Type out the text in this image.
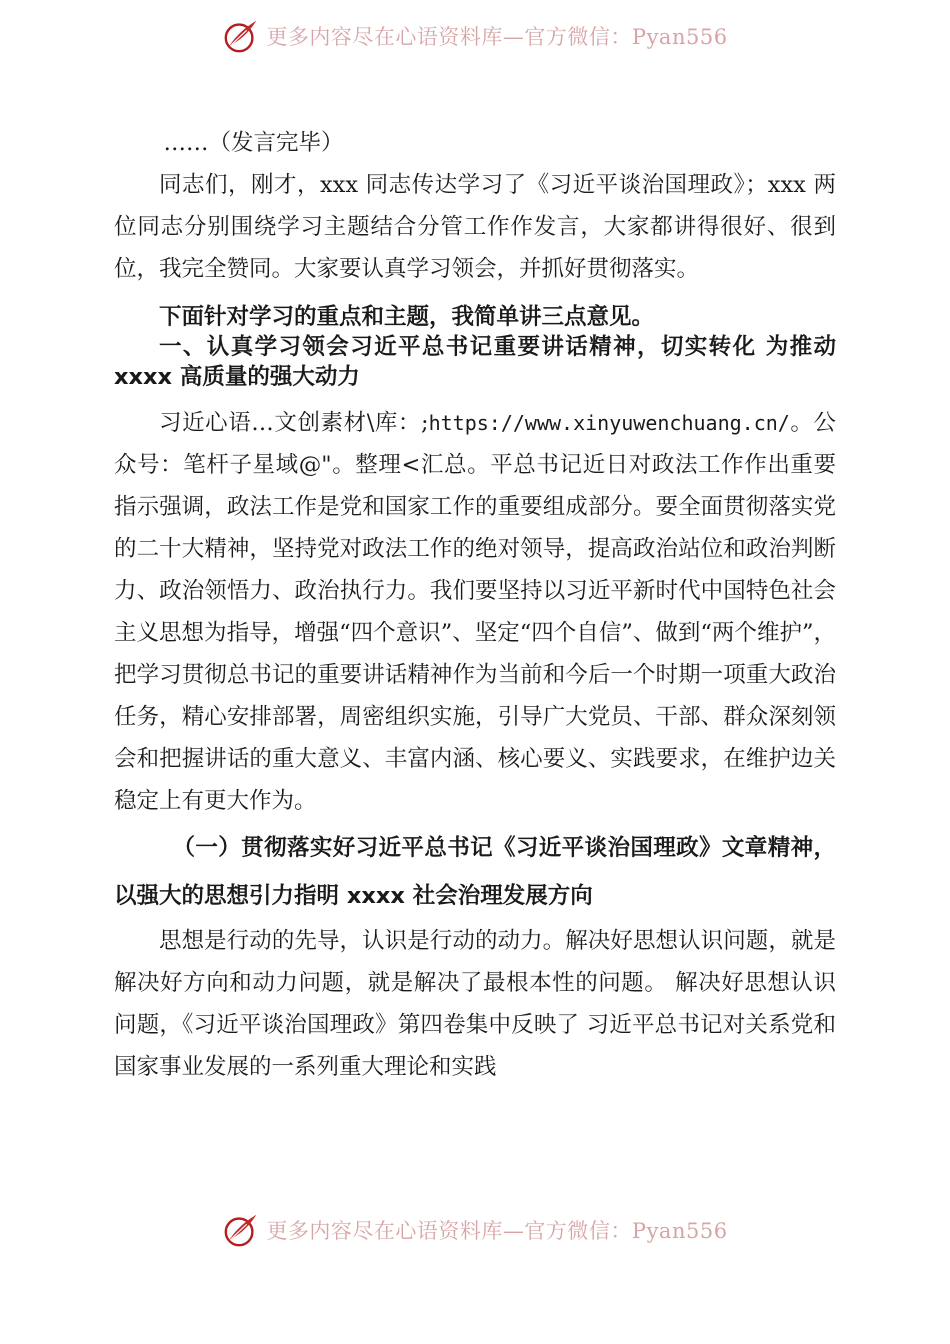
更多内容尽在心语资料库—官方微信：Pyan556

……（发言完毕）

同志们，刚才，xxx 同志传达学习了《习近平谈治国理政》；xxx 两位同志分别围绕学习主题结合分管工作作发言，大家都讲得很好、很到位，我完全赞同。大家要认真学习领会，并抓好贯彻落实。

下面针对学习的重点和主题，我简单讲三点意见。

一、认真学习领会习近平总书记重要讲话精神，切实转化 为推动 xxxx 高质量的强大动力

习近心语…文创素材\库：;https://www.xinyuwenchuang.cn/。公众号：笔杆子星域@"。整理<汇总。平总书记近日对政法工作作出重要指示强调，政法工作是党和国家工作的重要组成部分。要全面贯彻落实党的二十大精神，坚持党对政法工作的绝对领导，提高政治站位和政治判断力、政治领悟力、政治执行力。我们要坚持以习近平新时代中国特色社会主义思想为指导，增强“四个意识”、坚定“四个自信”、做到“两个维护”，把学习贯彻总书记的重要讲话精神作为当前和今后一个时期一项重大政治任务，精心安排部署，周密组织实施，引导广大党员、干部、群众深刻领会和把握讲话的重大意义、丰富内涵、核心要义、实践要求，在维护边关稳定上有更大作为。

（一）贯彻落实好习近平总书记《习近平谈治国理政》文章精神，以强大的思想引力指明 xxxx 社会治理发展方向

思想是行动的先导，认识是行动的动力。解决好思想认识问题，就是解决好方向和动力问题，就是解决了最根本性的问题。 解决好思想认识问题，《习近平谈治国理政》第四卷集中反映了 习近平总书记对关系党和国家事业发展的一系列重大理论和实践

更多内容尽在心语资料库—官方微信：Pyan556
